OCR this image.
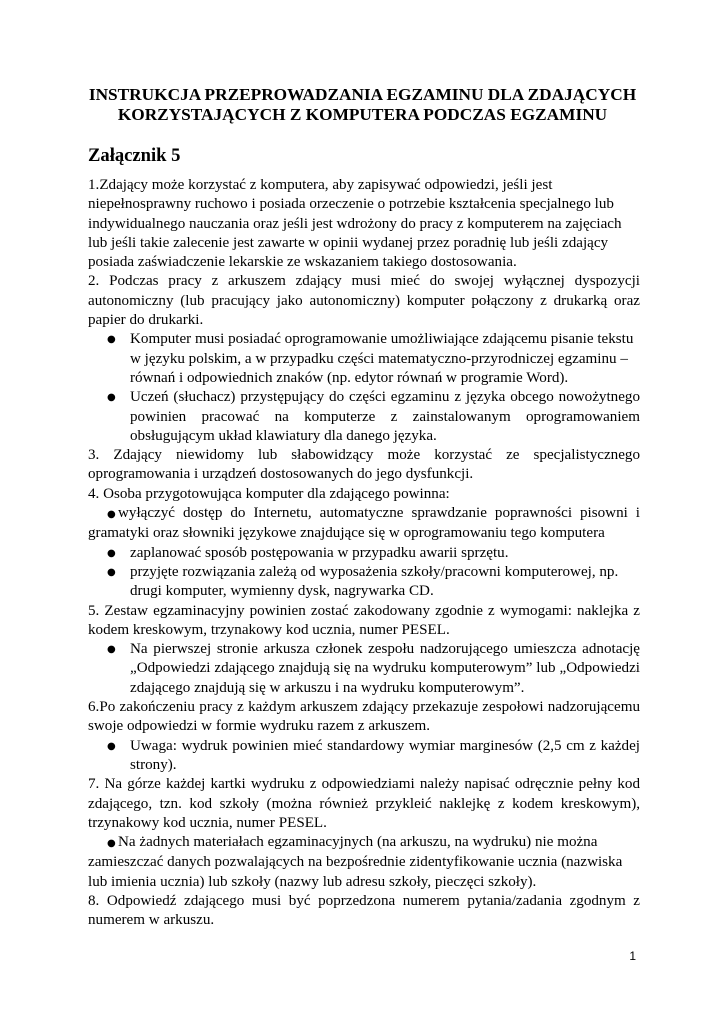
INSTRUKCJA PRZEPROWADZANIA EGZAMINU DLA ZDAJĄCYCH KORZYSTAJĄCYCH Z KOMPUTERA PODCZAS EGZAMINU
Załącznik 5

1.Zdający może korzystać z komputera, aby zapisywać odpowiedzi, jeśli jest niepełnosprawny ruchowo i posiada orzeczenie o potrzebie kształcenia specjalnego lub indywidualnego nauczania oraz jeśli jest wdrożony do pracy z komputerem na zajęciach lub jeśli takie zalecenie jest zawarte w opinii wydanej przez poradnię lub jeśli zdający posiada zaświadczenie lekarskie ze wskazaniem takiego dostosowania.

2. Podczas pracy z arkuszem zdający musi mieć do swojej wyłącznej dyspozycji autonomiczny (lub pracujący jako autonomiczny) komputer połączony z drukarką oraz papier do drukarki.

● Komputer musi posiadać oprogramowanie umożliwiające zdającemu pisanie tekstu w języku polskim, a w przypadku części matematyczno-przyrodniczej egzaminu – równań i odpowiednich znaków (np. edytor równań w programie Word).

● Uczeń (słuchacz) przystępujący do części egzaminu z języka obcego nowożytnego powinien pracować na komputerze z zainstalowanym oprogramowaniem obsługującym układ klawiatury dla danego języka.

3. Zdający niewidomy lub słabowidzący może korzystać ze specjalistycznego oprogramowania i urządzeń dostosowanych do jego dysfunkcji.

4. Osoba przygotowująca komputer dla zdającego powinna:

● wyłączyć dostęp do Internetu, automatyczne sprawdzanie poprawności pisowni i gramatyki oraz słowniki językowe znajdujące się w oprogramowaniu tego komputera

● zaplanować sposób postępowania w przypadku awarii sprzętu.

● przyjęte rozwiązania zależą od wyposażenia szkoły/pracowni komputerowej, np. drugi komputer, wymienny dysk, nagrywarka CD.

5. Zestaw egzaminacyjny powinien zostać zakodowany zgodnie z wymogami: naklejka z kodem kreskowym, trzynakowy kod ucznia, numer PESEL.

● Na pierwszej stronie arkusza członek zespołu nadzorującego umieszcza adnotację „Odpowiedzi zdającego znajdują się na wydruku komputerowym” lub „Odpowiedzi zdającego znajdują się w arkuszu i na wydruku komputerowym”.

6.Po zakończeniu pracy z każdym arkuszem zdający przekazuje zespołowi nadzorującemu swoje odpowiedzi w formie wydruku razem z arkuszem.

● Uwaga: wydruk powinien mieć standardowy wymiar marginesów (2,5 cm z każdej strony).

7. Na górze każdej kartki wydruku z odpowiedziami należy napisać odręcznie pełny kod zdającego, tzn. kod szkoły (można również przykleić naklejkę z kodem kreskowym), trzynakowy kod ucznia, numer PESEL.

● Na żadnych materiałach egzaminacyjnych (na arkuszu, na wydruku) nie można zamieszczać danych pozwalających na bezpośrednie zidentyfikowanie ucznia (nazwiska lub imienia ucznia) lub szkoły (nazwy lub adresu szkoły, pieczęci szkoły).

8. Odpowiedź zdającego musi być poprzedzona numerem pytania/zadania zgodnym z numerem w arkuszu.

1
